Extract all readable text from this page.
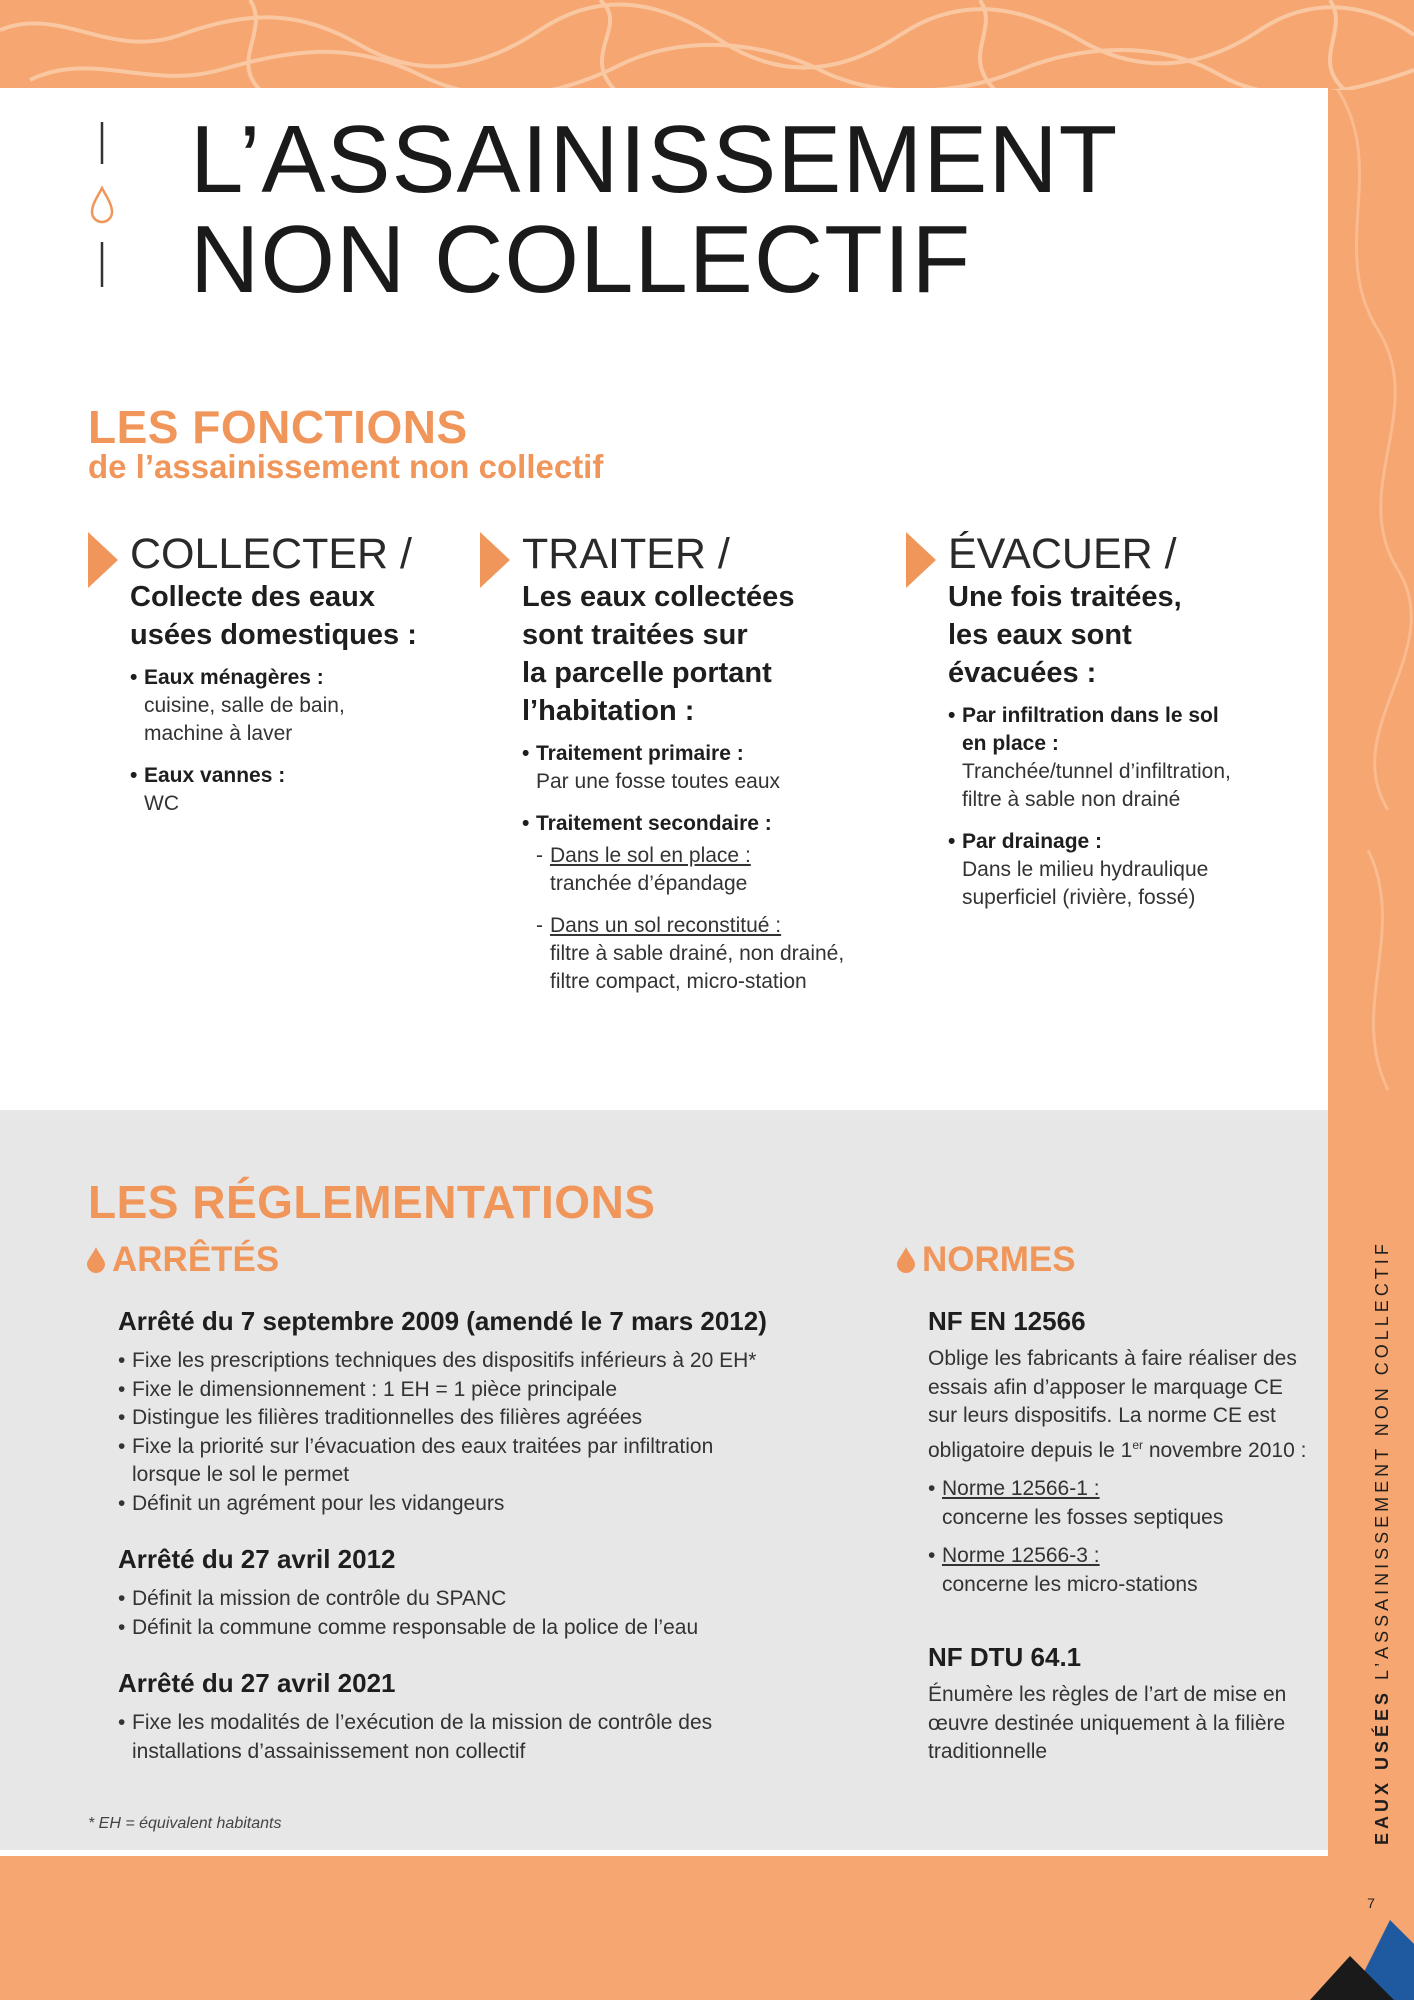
L’ASSAINISSEMENT
NON COLLECTIF
LES FONCTIONS

de l’assainissement non collectif

COLLECTER /

Collecte des eaux
usées domestiques :

• Eaux ménagères :
cuisine, salle de bain,
machine à laver
• Eaux vannes :
WC
TRAITER /

Les eaux collectées
sont traitées sur
la parcelle portant
l’habitation :

• Traitement primaire :
Par une fosse toutes eaux
• Traitement secondaire :
- Dans le sol en place :
tranchée d’épandage
- Dans un sol reconstitué :
filtre à sable drainé, non drainé,
filtre compact, micro-station
ÉVACUER /

Une fois traitées,
les eaux sont
évacuées :

• Par infiltration dans le sol
en place :
Tranchée/tunnel d’infiltration,
filtre à sable non drainé
• Par drainage :
Dans le milieu hydraulique
superficiel (rivière, fossé)
LES RÉGLEMENTATIONS
ARRÊTÉS
Arrêté du 7 septembre 2009 (amendé le 7 mars 2012)
• Fixe les prescriptions techniques des dispositifs inférieurs à 20 EH*
• Fixe le dimensionnement : 1 EH = 1 pièce principale
• Distingue les filières traditionnelles des filières agréées
• Fixe la priorité sur l’évacuation des eaux traitées par infiltration lorsque le sol le permet
• Définit un agrément pour les vidangeurs
Arrêté du 27 avril 2012
• Définit la mission de contrôle du SPANC
• Définit la commune comme responsable de la police de l’eau
Arrêté du 27 avril 2021
• Fixe les modalités de l’exécution de la mission de contrôle des installations d’assainissement non collectif
NORMES
NF EN 12566

Oblige les fabricants à faire réaliser des essais afin d’apposer le marquage CE sur leurs dispositifs. La norme CE est obligatoire depuis le 1er novembre 2010 :

• Norme 12566-1 :
concerne les fosses septiques
• Norme 12566-3 :
concerne les micro-stations
NF DTU 64.1

Énumère les règles de l’art de mise en œuvre destinée uniquement à la filière traditionnelle

* EH = équivalent habitants	EAUX USÉES L’ASSAINISSEMENT NON COLLECTIF
7
